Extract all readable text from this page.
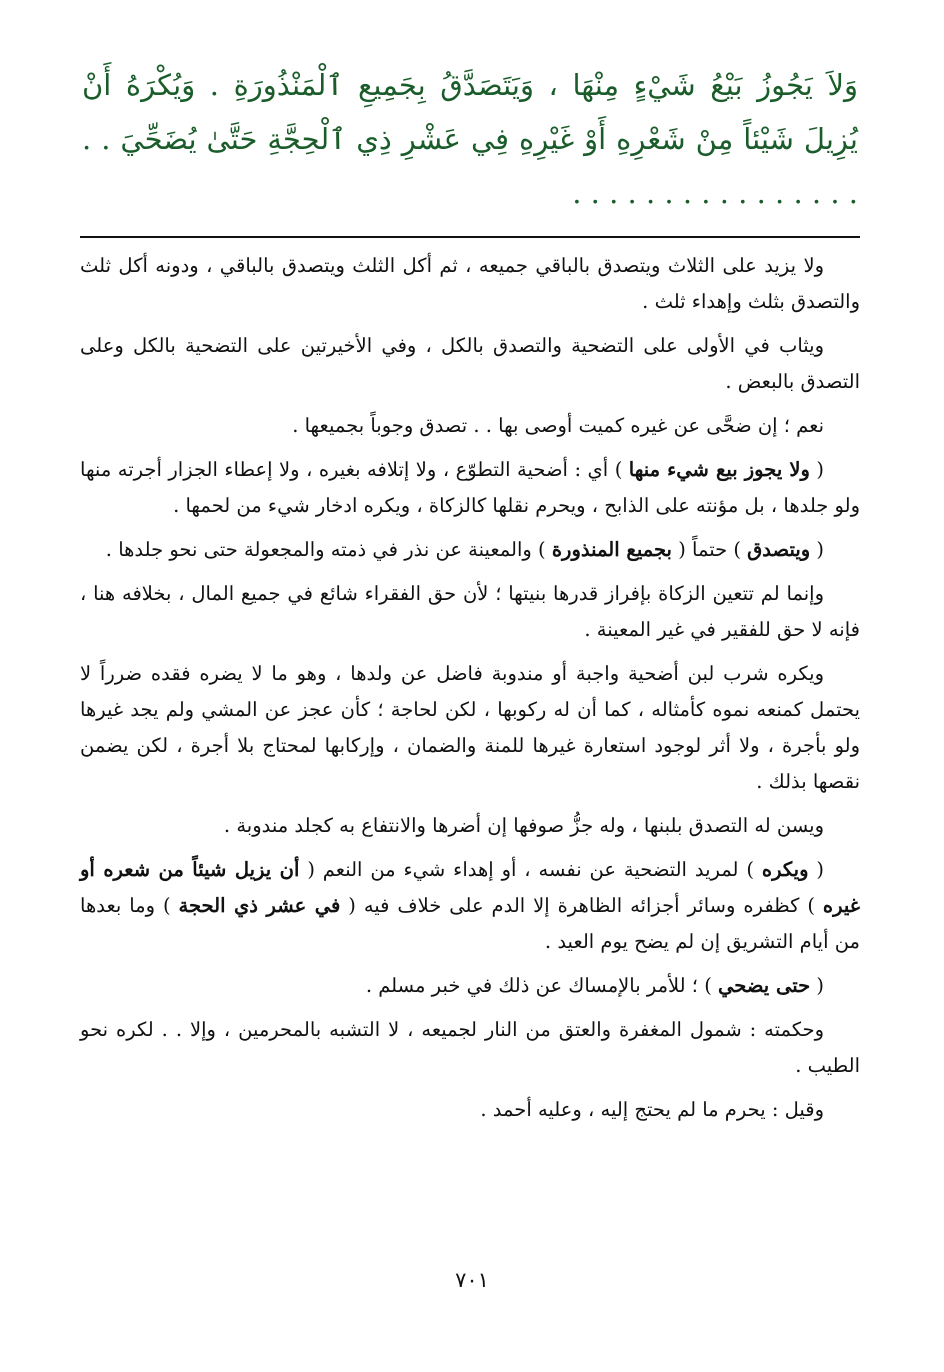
وَلاَ يَجُوزُ بَيْعُ شَيْءٍ مِنْهَا ، وَيَتَصَدَّقُ بِجَمِيعِ ٱلْمَنْذُورَةِ . وَيُكْرَهُ أَنْ يُزِيلَ شَيْئاً مِنْ شَعْرِهِ أَوْ غَيْرِهِ فِي عَشْرِ ذِي ٱلْحِجَّةِ حَتَّىٰ يُضَحِّيَ . . . . . . . . . . . . . . . . . .

ولا يزيد على الثلاث ويتصدق بالباقي جميعه ، ثم أكل الثلث ويتصدق بالباقي ، ودونه أكل ثلث والتصدق بثلث وإهداء ثلث .

ويثاب في الأولى على التضحية والتصدق بالكل ، وفي الأخيرتين على التضحية بالكل وعلى التصدق بالبعض .

نعم ؛ إن ضحَّى عن غيره كميت أوصى بها . . تصدق وجوباً بجميعها .

( ولا يجوز بيع شيء منها ) أي : أضحية التطوّع ، ولا إتلافه بغيره ، ولا إعطاء الجزار أجرته منها ولو جلدها ، بل مؤنته على الذابح ، ويحرم نقلها كالزكاة ، ويكره ادخار شيء من لحمها .

( ويتصدق ) حتماً ( بجميع المنذورة ) والمعينة عن نذر في ذمته والمجعولة حتى نحو جلدها .

وإنما لم تتعين الزكاة بإفراز قدرها بنيتها ؛ لأن حق الفقراء شائع في جميع المال ، بخلافه هنا ، فإنه لا حق للفقير في غير المعينة .

ويكره شرب لبن أضحية واجبة أو مندوبة فاضل عن ولدها ، وهو ما لا يضره فقده ضرراً لا يحتمل كمنعه نموه كأمثاله ، كما أن له ركوبها ، لكن لحاجة ؛ كأن عجز عن المشي ولم يجد غيرها ولو بأجرة ، ولا أثر لوجود استعارة غيرها للمنة والضمان ، وإركابها لمحتاج بلا أجرة ، لكن يضمن نقصها بذلك .

ويسن له التصدق بلبنها ، وله جزُّ صوفها إن أضرها والانتفاع به كجلد مندوبة .

( ويكره ) لمريد التضحية عن نفسه ، أو إهداء شيء من النعم ( أن يزيل شيئاً من شعره أو غيره ) كظفره وسائر أجزائه الظاهرة إلا الدم على خلاف فيه ( في عشر ذي الحجة ) وما بعدها من أيام التشريق إن لم يضح يوم العيد .

( حتى يضحي ) ؛ للأمر بالإمساك عن ذلك في خبر مسلم .

وحكمته : شمول المغفرة والعتق من النار لجميعه ، لا التشبه بالمحرمين ، وإلا . . لكره نحو الطيب .

وقيل : يحرم ما لم يحتج إليه ، وعليه أحمد .

٧٠١
